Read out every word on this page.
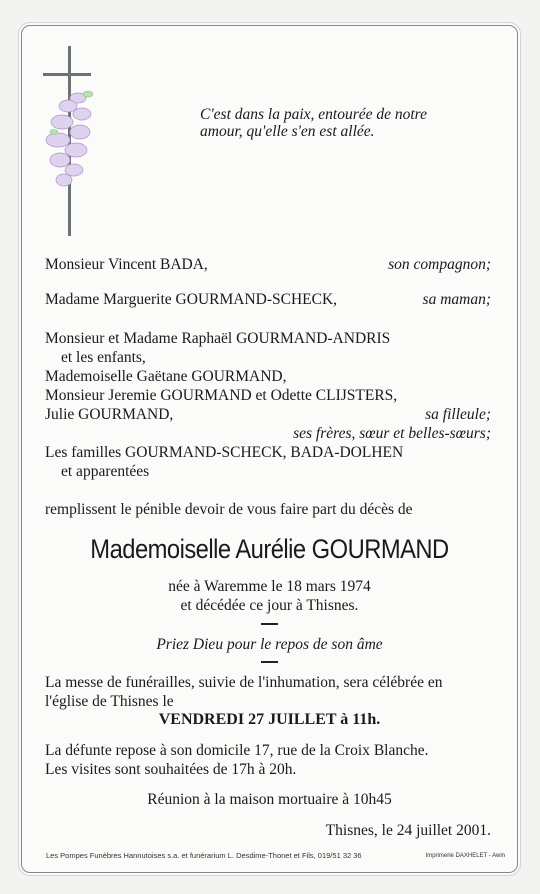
C'est dans la paix, entourée de notre
amour, qu'elle s'en est allée.
Monsieur Vincent BADA,	son compagnon;
Madame Marguerite GOURMAND-SCHECK,	sa maman;
Monsieur et Madame Raphaël GOURMAND-ANDRIS
et les enfants,
Mademoiselle Gaëtane GOURMAND,
Monsieur Jeremie GOURMAND et Odette CLIJSTERS,
Julie GOURMAND,	sa filleule;
ses frères, sœur et belles-sœurs;
Les familles GOURMAND-SCHECK, BADA-DOLHEN
et apparentées
remplissent le pénible devoir de vous faire part du décès de
Mademoiselle Aurélie GOURMAND
née à Waremme le 18 mars 1974
et décédée ce jour à Thisnes.
Priez Dieu pour le repos de son âme
La messe de funérailles, suivie de l'inhumation, sera célébrée en
l'église de Thisnes le
VENDREDI 27 JUILLET à 11h.
La défunte repose à son domicile 17, rue de la Croix Blanche.
Les visites sont souhaitées de 17h à 20h.
Réunion à la maison mortuaire à 10h45
Thisnes, le 24 juillet 2001.
Les Pompes Funèbres Hannutoises s.a. et funérarium L. Desdime-Thonet et Fils, 019/51 32 36	Imprimerie DAXHELET - Awin
